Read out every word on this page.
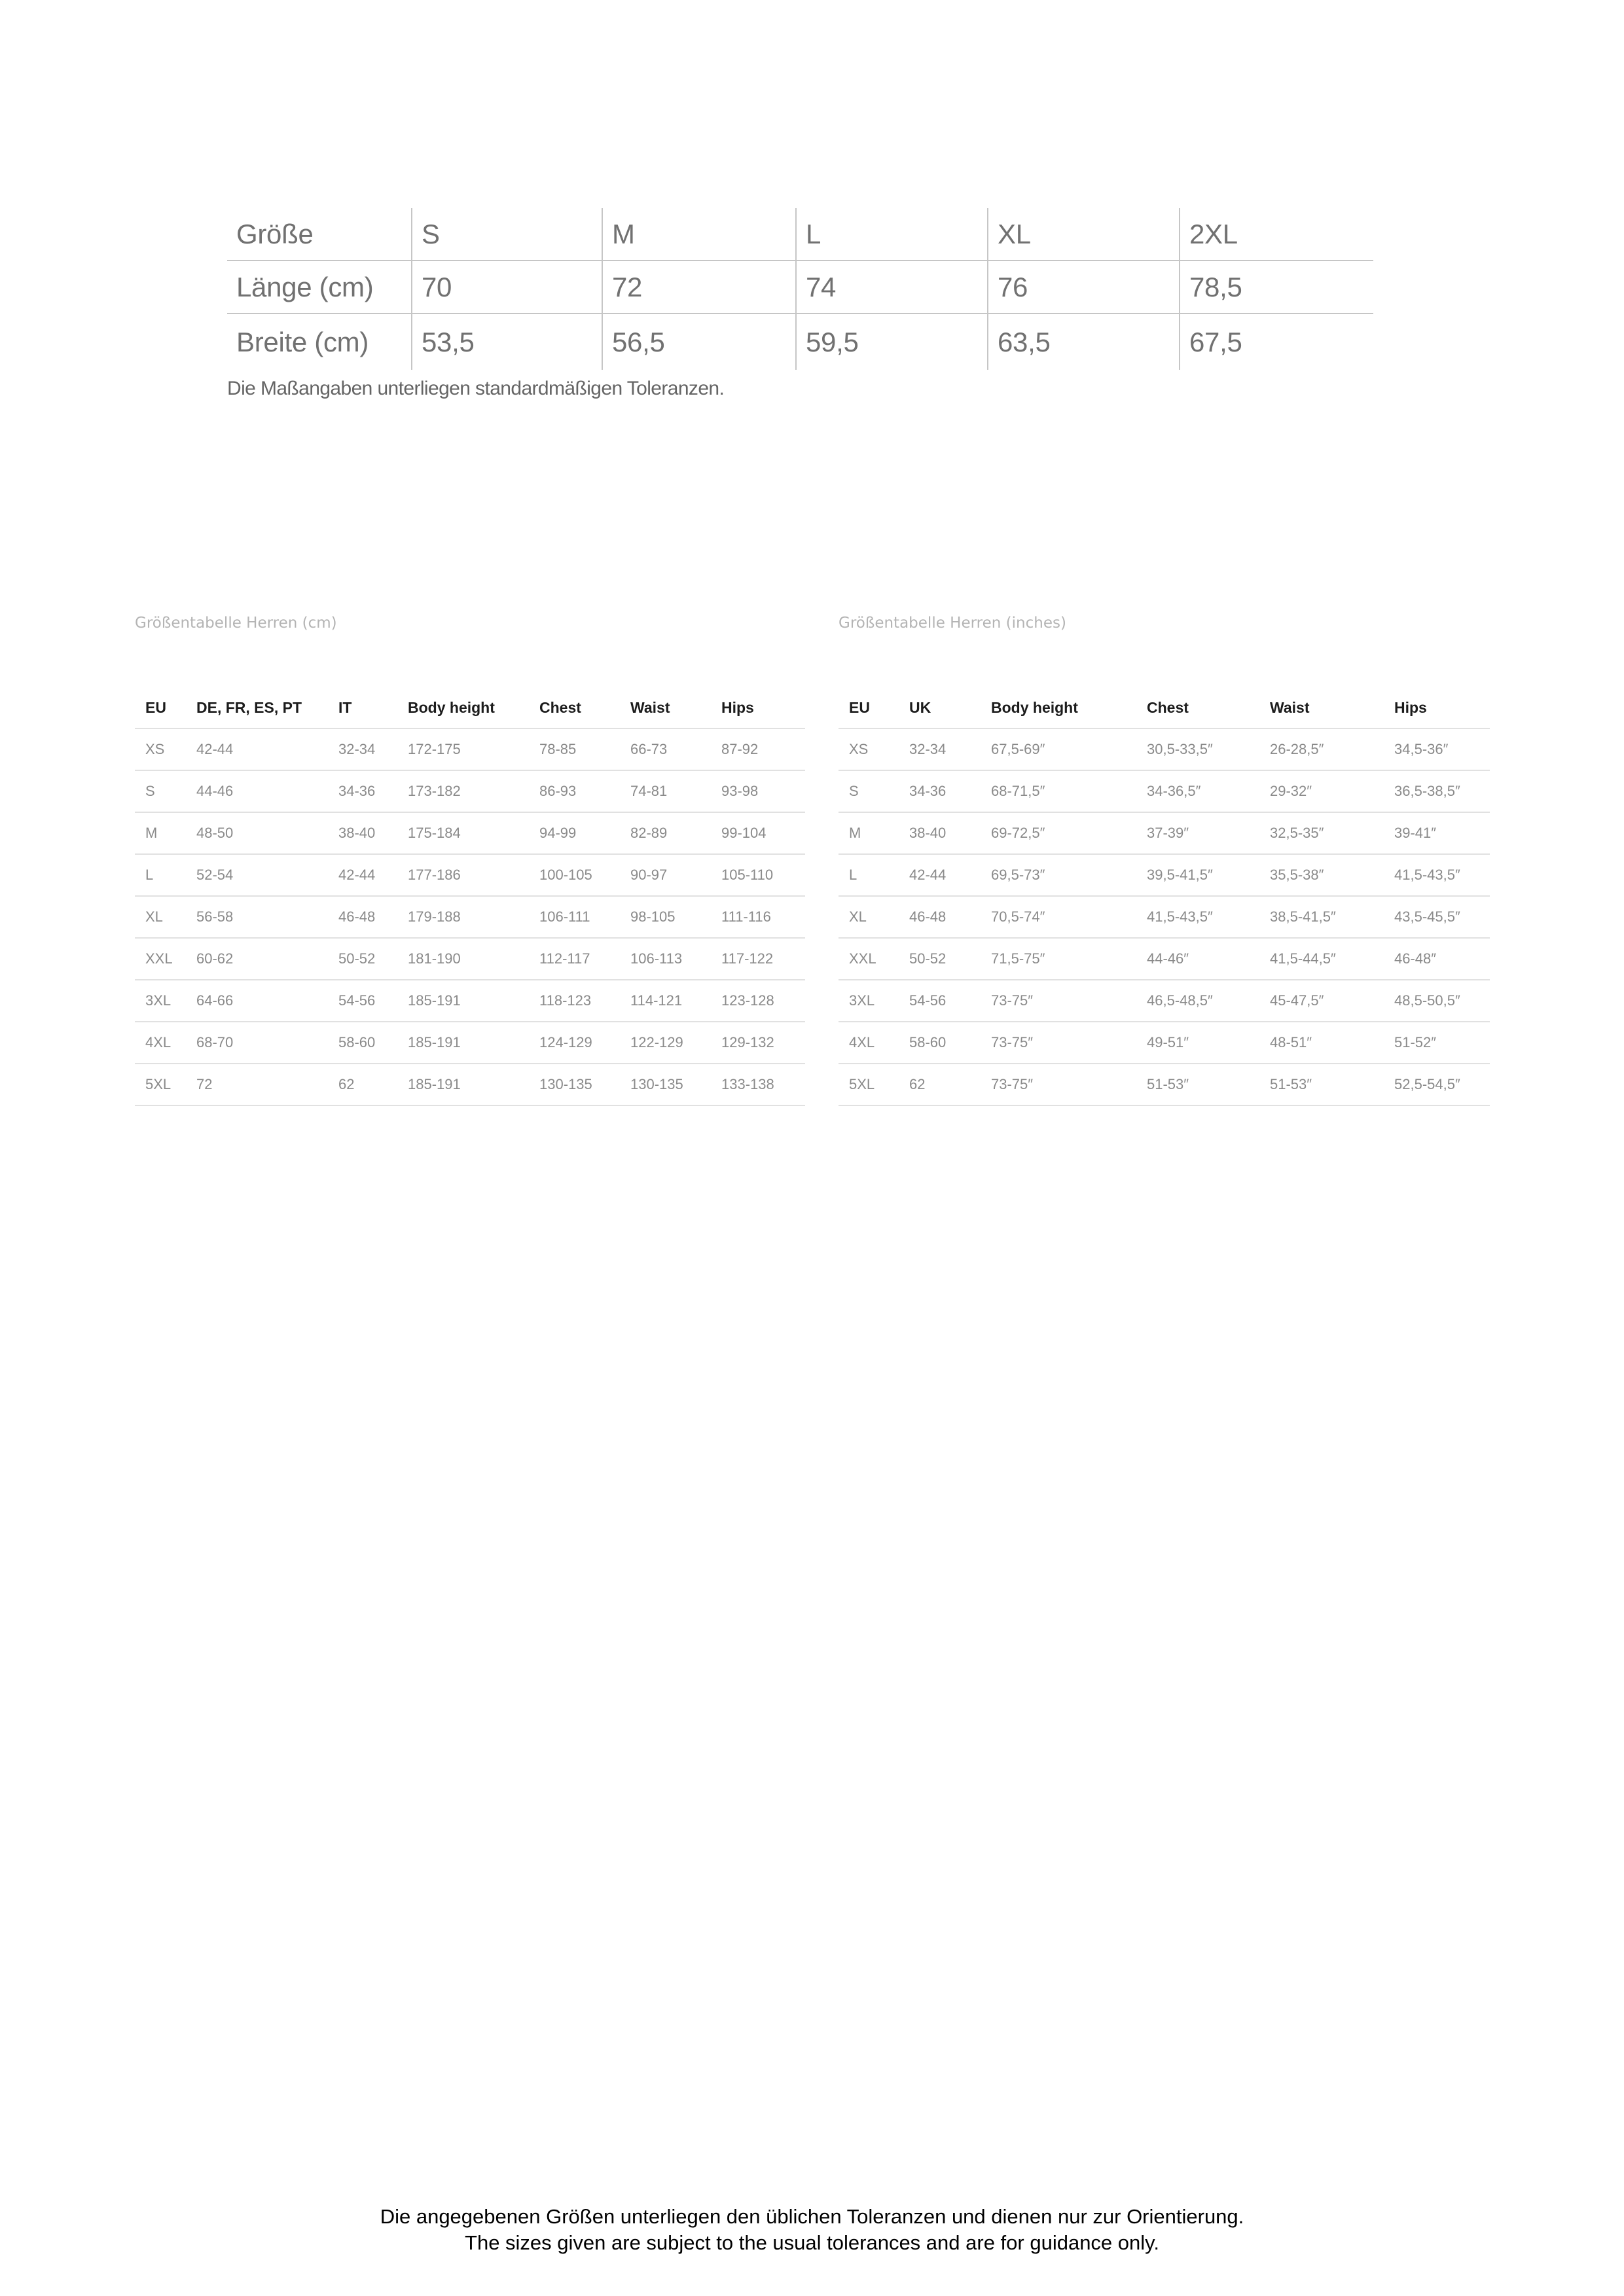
Größe	S	M	L	XL	2XL
Länge (cm)	70	72	74	76	78,5
Breite (cm)	53,5	56,5	59,5	63,5	67,5
Die Maßangaben unterliegen standardmäßigen Toleranzen.
Größentabelle Herren (cm)
EU	DE, FR, ES, PT	IT	Body height	Chest	Waist	Hips
XS	42-44	32-34	172-175	78-85	66-73	87-92
S	44-46	34-36	173-182	86-93	74-81	93-98
M	48-50	38-40	175-184	94-99	82-89	99-104
L	52-54	42-44	177-186	100-105	90-97	105-110
XL	56-58	46-48	179-188	106-111	98-105	111-116
XXL	60-62	50-52	181-190	112-117	106-113	117-122
3XL	64-66	54-56	185-191	118-123	114-121	123-128
4XL	68-70	58-60	185-191	124-129	122-129	129-132
5XL	72	62	185-191	130-135	130-135	133-138
Größentabelle Herren (inches)
EU	UK	Body height	Chest	Waist	Hips
XS	32-34	67,5-69″	30,5-33,5″	26-28,5″	34,5-36″
S	34-36	68-71,5″	34-36,5″	29-32″	36,5-38,5″
M	38-40	69-72,5″	37-39″	32,5-35″	39-41″
L	42-44	69,5-73″	39,5-41,5″	35,5-38″	41,5-43,5″
XL	46-48	70,5-74″	41,5-43,5″	38,5-41,5″	43,5-45,5″
XXL	50-52	71,5-75″	44-46″	41,5-44,5″	46-48″
3XL	54-56	73-75″	46,5-48,5″	45-47,5″	48,5-50,5″
4XL	58-60	73-75″	49-51″	48-51″	51-52″
5XL	62	73-75″	51-53″	51-53″	52,5-54,5″
Die angegebenen Größen unterliegen den üblichen Toleranzen und dienen nur zur Orientierung.
The sizes given are subject to the usual tolerances and are for guidance only.
